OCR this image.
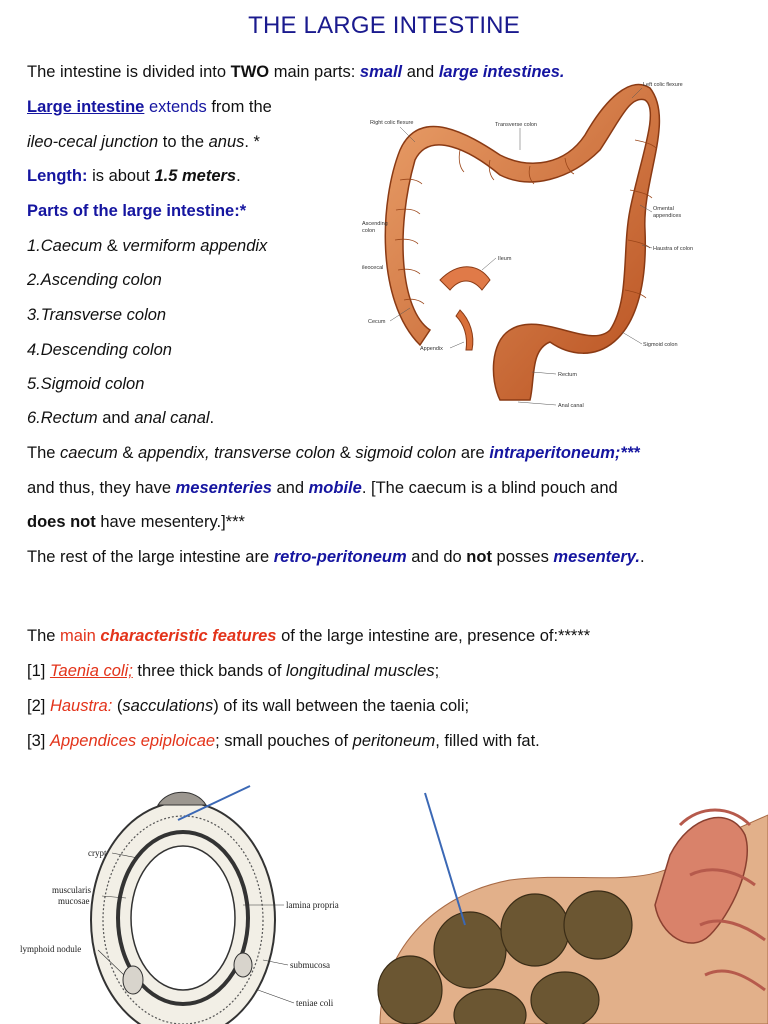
THE LARGE INTESTINE
The intestine is divided into TWO main parts: small and large intestines.
Large intestine extends from the
ileo-cecal junction to the anus. *
Length: is about 1.5 meters.
Parts of the large intestine:*
1.Caecum & vermiform appendix
2.Ascending colon
3.Transverse colon
4.Descending colon
5.Sigmoid colon
6.Rectum and anal canal.
The caecum & appendix, transverse colon & sigmoid colon are intraperitoneum;***
and thus, they have mesenteries and mobile. [The caecum is a blind pouch and
does not have mesentery.]***
The rest of the large intestine are retro-peritoneum and do not posses mesentery..
The main characteristic features of the large intestine are, presence of:*****
[1] Taenia coli; three thick bands of longitudinal muscles;
[2] Haustra: (sacculations) of its wall between the taenia coli;
[3] Appendices epiploicae; small pouches of peritoneum, filled with fat.
Left colic flexure
Right colic flexure	Transverse colon
Omental
appendices
Haustra of colon
Ascending
colon
Ileum
ileocecal
Cecum
Appendix
Sigmoid colon
Rectum
Anal canal
crypt
muscularis
mucosae	lamina propria
lymphoid nodule
submucosa
teniae coli
